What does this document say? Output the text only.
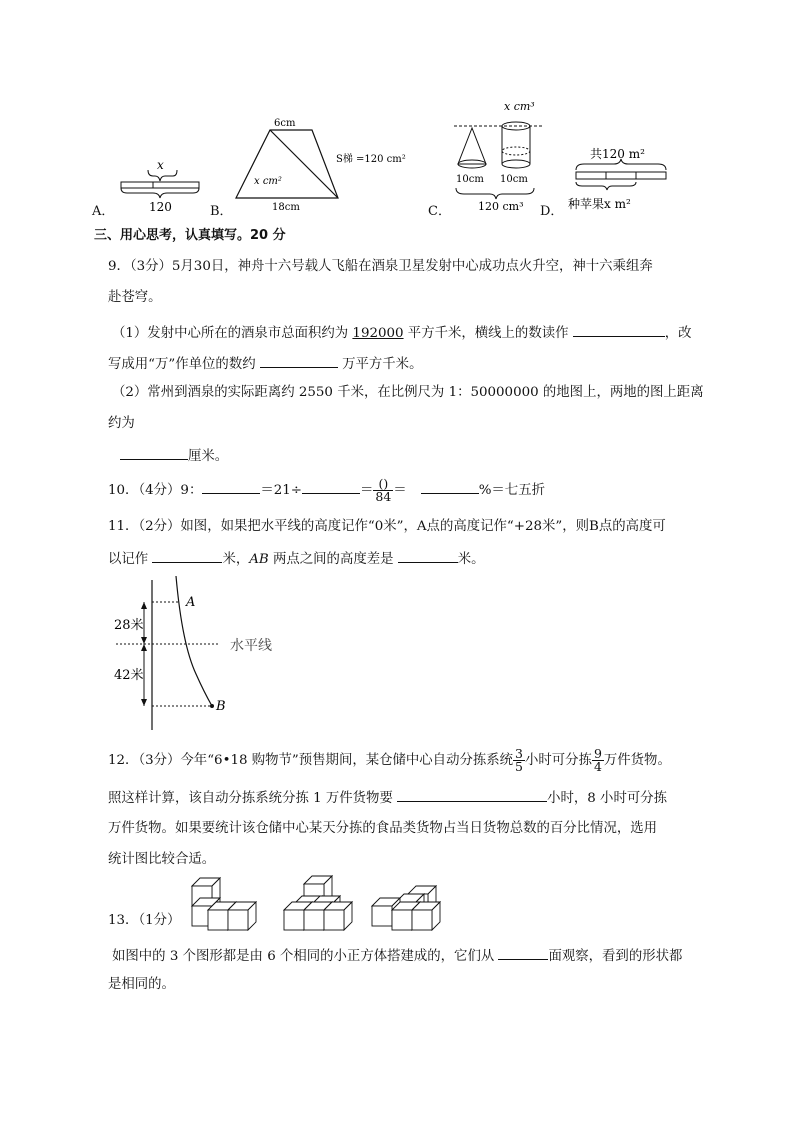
A．
x
120	B．
6cm
x cm²
18cm
S梯 =120 cm²
C．
x cm³
10cm 10cm
120 cm³ D．
共120 m²
种苹果x m²
三、用心思考，认真填写。20 分
9．（3分）5月30日，神舟十六号载人飞船在酒泉卫星发射中心成功点火升空，神十六乘组奔
赴苍穹。
（1）发射中心所在的酒泉市总面积约为 192000 平方千米，横线上的数读作	，改
写成用“万”作单位的数约	万平方千米。
（2）常州到酒泉的实际距离约 2550 千米，在比例尺为 1：50000000 的地图上，两地的图上距离
约为
厘米。
10．（4分）9：	＝21÷	＝ $\frac{()}{84}$ ＝	%＝七五折
11．（2分）如图，如果把水平线的高度记作“0米”，A点的高度记作“+28米”，则B点的高度可
以记作	米，AB 两点之间的高度差是	米。
28米
42米
A
B
水平线
12．（3分）今年“6•18 购物节”预售期间，某仓储中心自动分拣系统 $\frac{3}{5}$ 小时可分拣 $\frac{9}{4}$ 万件货物。
照这样计算，该自动分拣系统分拣 1 万件货物要	小时，8 小时可分拣
万件货物。如果要统计该仓储中心某天分拣的食品类货物占当日货物总数的百分比情况，选用
统计图比较合适。
13．（1分）
如图中的 3 个图形都是由 6 个相同的小正方体搭建成的，它们从	面观察，看到的形状都
是相同的。
